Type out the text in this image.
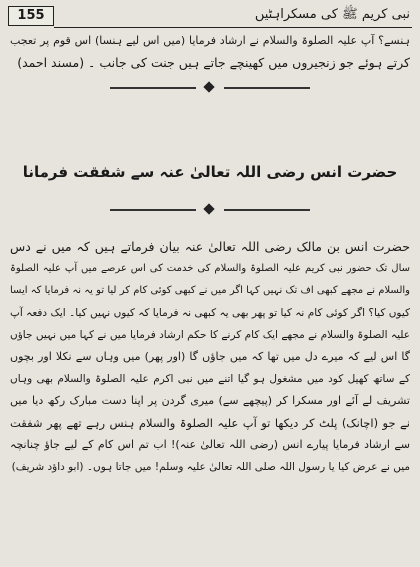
155	نبی کریم ﷺ کی مسکراہٹیں
ہنسے؟ آپ علیہ الصلوۃ والسلام نے ارشاد فرمایا (میں اس لیے ہنسا) اس قوم پر تعجب
کرتے ہوئے جو زنجیروں میں کھینچے جاتے ہیں جنت کی جانب ۔ (مسند احمد)
حضرت انس رضی اللہ تعالیٰ عنہ سے شفقت فرمانا
حضرت انس بن مالک رضی اللہ تعالیٰ عنہ بیان فرماتے ہیں کہ میں نے دس
سال تک حضور نبی کریم علیہ الصلوۃ والسلام کی خدمت کی اس عرصے میں آپ علیہ الصلوۃ
والسلام نے مجھے کبھی اف تک نہیں کہا اگر میں نے کبھی کوئی کام کر لیا تو یہ نہ فرمایا کہ ایسا
کیوں کیا؟ اگر کوئی کام نہ کیا تو پھر بھی یہ کبھی نہ فرمایا کہ کیوں نہیں کیا۔ ایک دفعہ آپ
علیہ الصلوۃ والسلام نے مجھے ایک کام کرنے کا حکم ارشاد فرمایا میں نے کہا میں نہیں جاؤں
گا اس لیے کہ میرے دل میں تھا کہ میں جاؤں گا (اور پھر) میں وہاں سے نکلا اور بچوں
کے ساتھ کھیل کود میں مشغول ہو گیا اتنے میں نبی اکرم علیہ الصلوۃ والسلام بھی وہاں
تشریف لے آئے اور مسکرا کر (پیچھے سے) میری گردن پر اپنا دست مبارک رکھ دیا میں
نے جو (اچانک) پلٹ کر دیکھا تو آپ علیہ الصلوۃ والسلام ہنس رہے تھے پھر شفقت
سے ارشاد فرمایا پیارے انس (رضی اللہ تعالیٰ عنہ)! اب تم اس کام کے لیے جاؤ چنانچہ
میں نے عرض کیا یا رسول اللہ صلی اللہ تعالیٰ علیہ وسلم! میں جاتا ہوں۔ (ابو داؤد شریف)
